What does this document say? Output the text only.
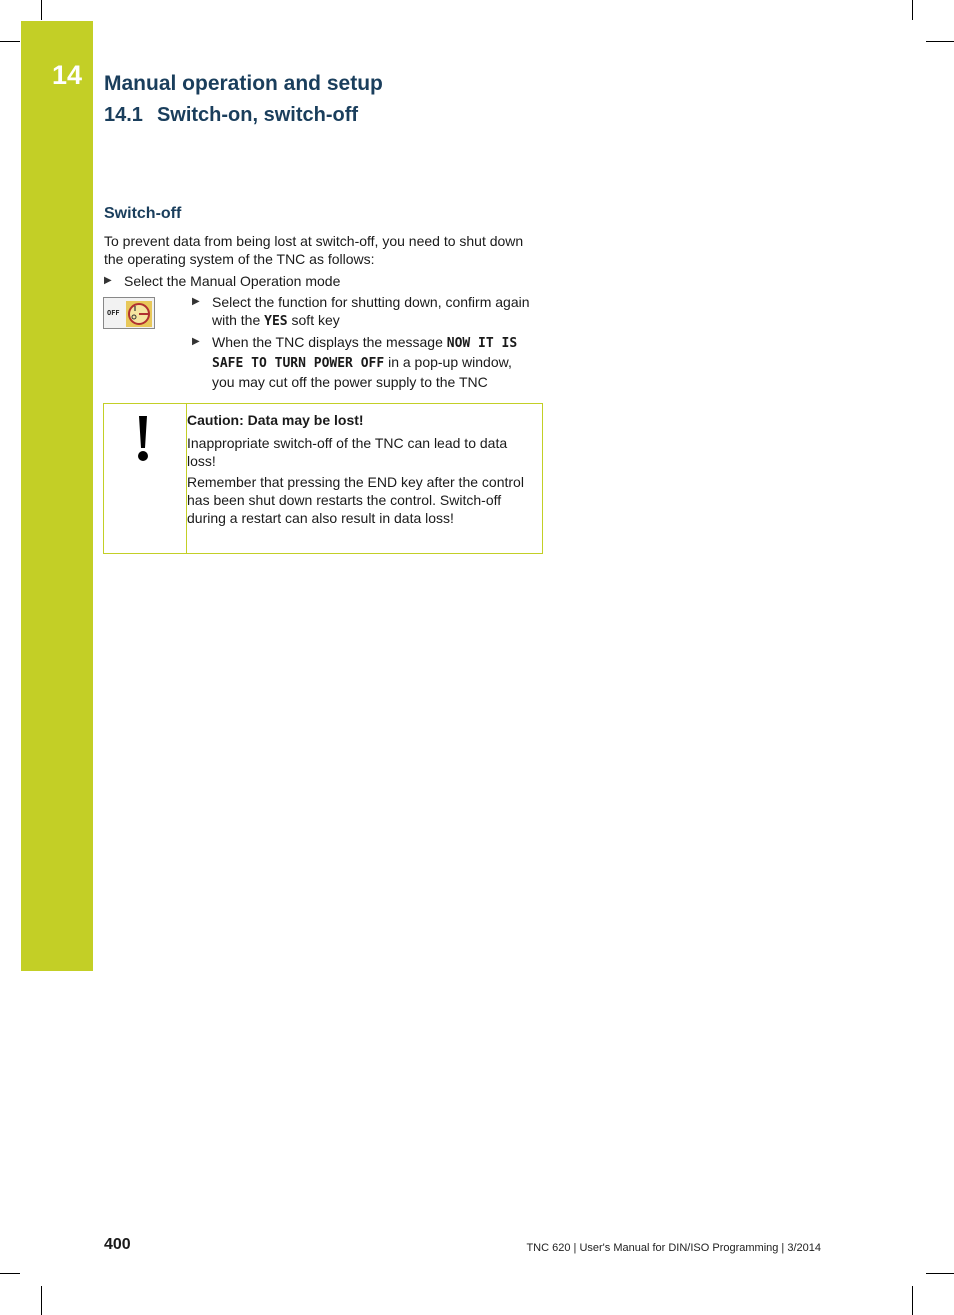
14 Manual operation and setup
14.1 Switch-on, switch-off
Switch-off
To prevent data from being lost at switch-off, you need to shut down the operating system of the TNC as follows:
▶ Select the Manual Operation mode
OFF
▶ Select the function for shutting down, confirm again with the YES soft key
▶ When the TNC displays the message NOW IT IS SAFE TO TURN POWER OFF in a pop-up window, you may cut off the power supply to the TNC
Caution: Data may be lost!
Inappropriate switch-off of the TNC can lead to data loss!
Remember that pressing the END key after the control has been shut down restarts the control. Switch-off during a restart can also result in data loss!
400	TNC 620 | User's Manual for DIN/ISO Programming | 3/2014
